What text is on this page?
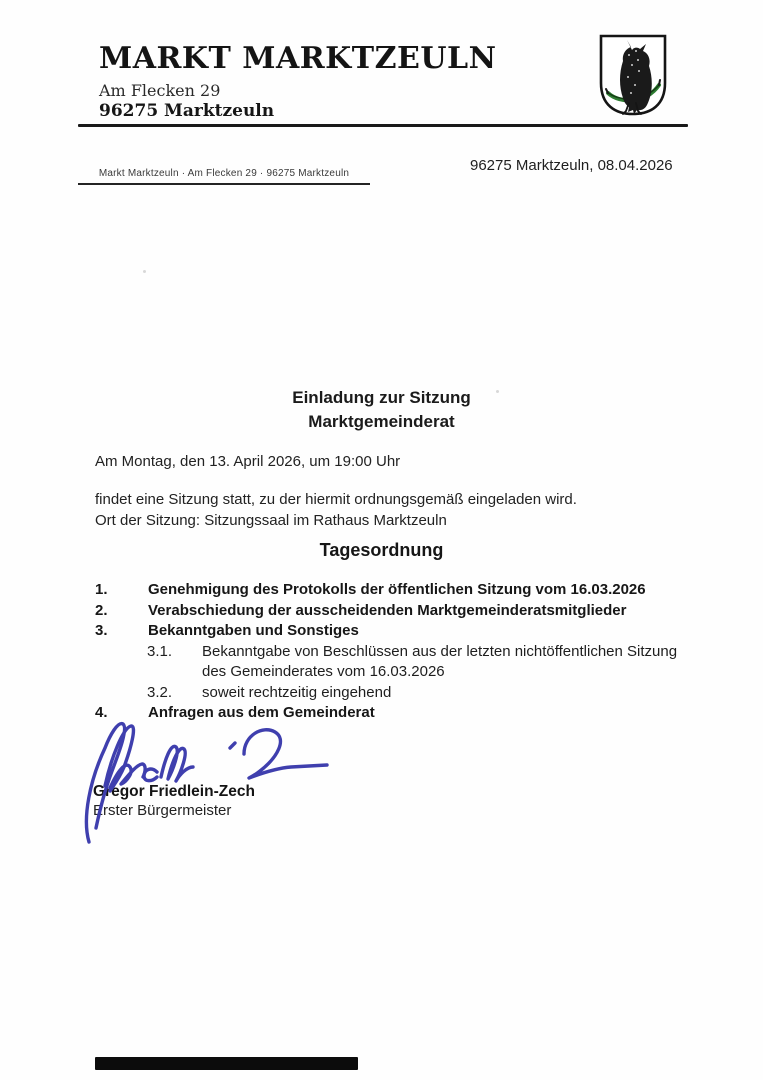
MARKT MARKTZEULN
Am Flecken 29
96275 Marktzeuln
Markt Marktzeuln · Am Flecken 29 · 96275 Marktzeuln	96275 Marktzeuln, 08.04.2026
Einladung zur Sitzung
Marktgemeinderat
Am Montag, den 13. April 2026, um 19:00 Uhr
findet eine Sitzung statt, zu der hiermit ordnungsgemäß eingeladen wird.
Ort der Sitzung: Sitzungssaal im Rathaus Marktzeuln
Tagesordnung
1.	Genehmigung des Protokolls der öffentlichen Sitzung vom 16.03.2026
2.	Verabschiedung der ausscheidenden Marktgemeinderatsmitglieder
3.	Bekanntgaben und Sonstiges
3.1.	Bekanntgabe von Beschlüssen aus der letzten nichtöffentlichen Sitzung des Gemeinderates vom 16.03.2026
3.2.	soweit rechtzeitig eingehend
4.	Anfragen aus dem Gemeinderat
Gregor Friedlein-Zech
Erster Bürgermeister
